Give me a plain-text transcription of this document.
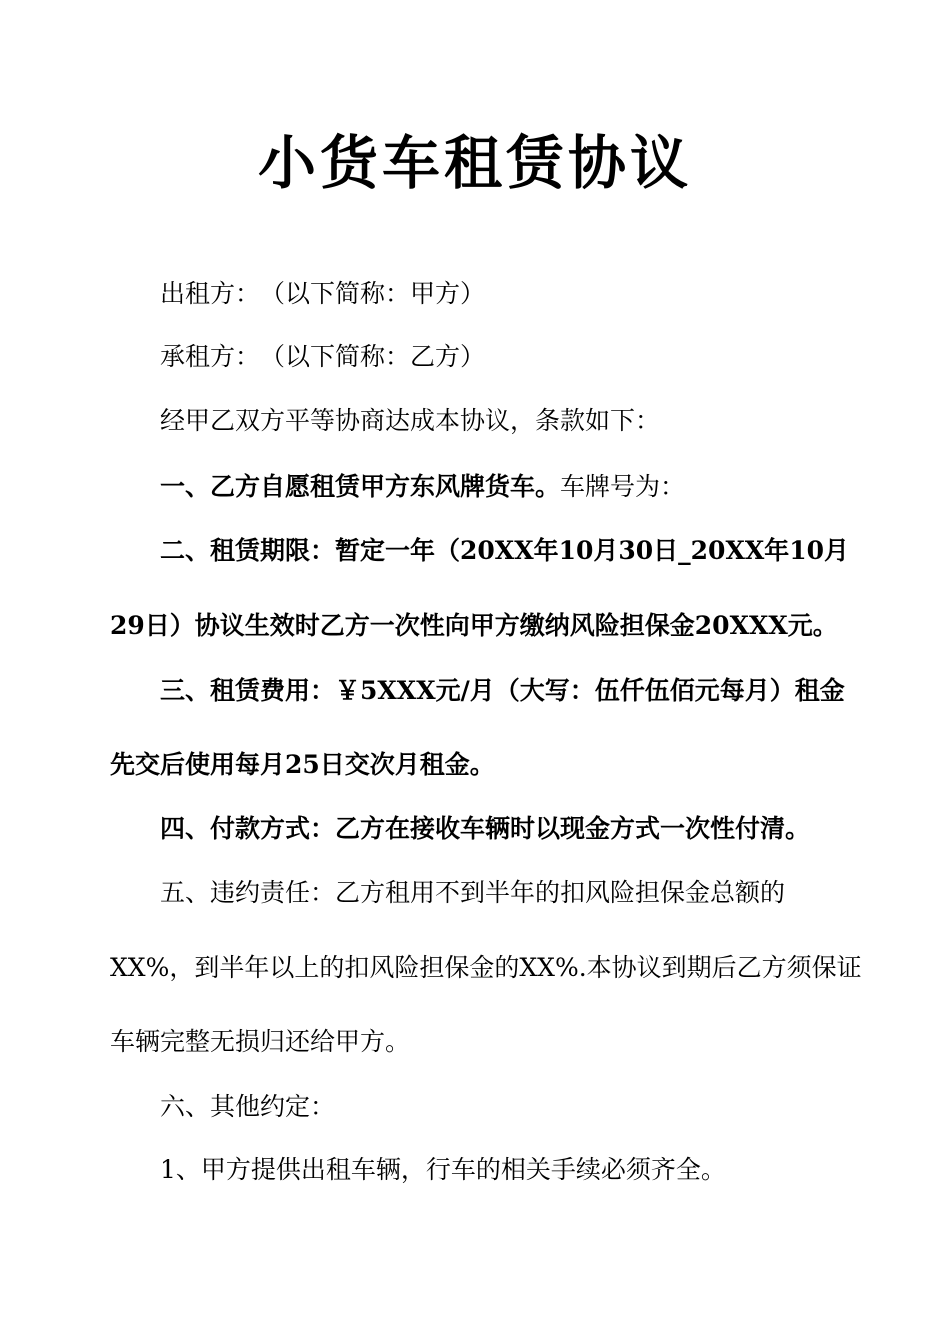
小货车租赁协议
出租方：　（以下简称：甲方）
承租方：　（以下简称：乙方）
经甲乙双方平等协商达成本协议，条款如下：
一、乙方自愿租赁甲方东风牌货车。车牌号为：
二、租赁期限：暂定一年（20XX年10月30日_20XX年10月
29日）协议生效时乙方一次性向甲方缴纳风险担保金20XXX元。
三、租赁费用：￥5XXX元/月（大写：伍仟伍佰元每月）租金
先交后使用每月25日交次月租金。
四、付款方式：乙方在接收车辆时以现金方式一次性付清。
五、违约责任：乙方租用不到半年的扣风险担保金总额的
XX%，到半年以上的扣风险担保金的XX%.本协议到期后乙方须保证
车辆完整无损归还给甲方。
六、其他约定：
1、甲方提供出租车辆，行车的相关手续必须齐全。
